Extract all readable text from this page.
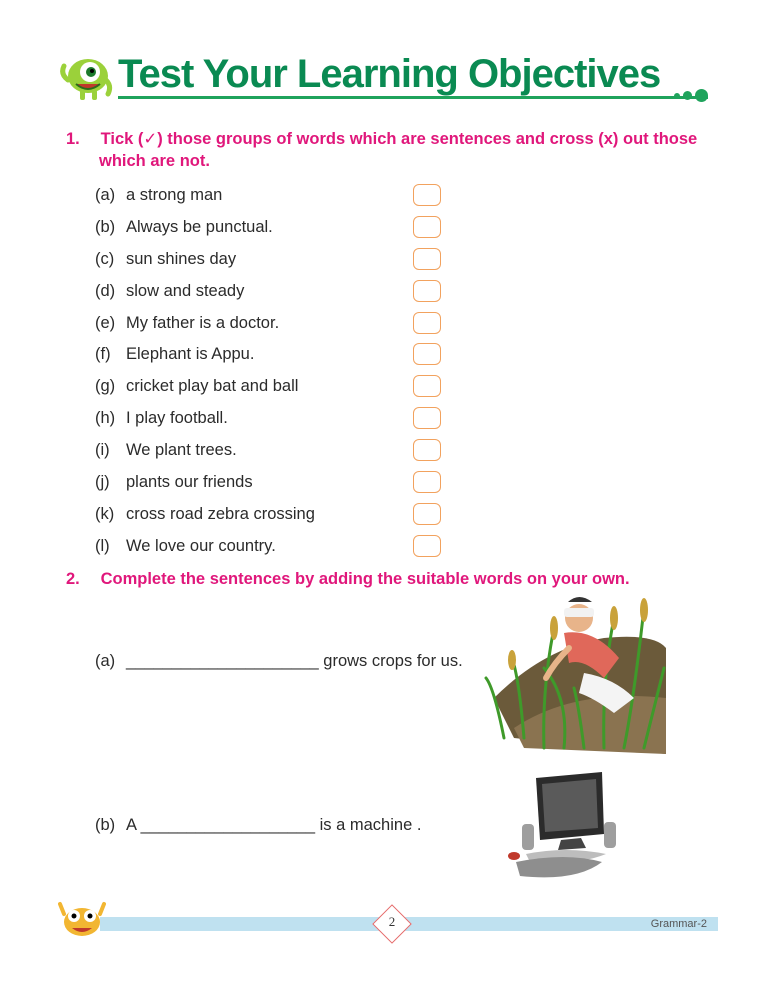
Test Your Learning Objectives
1. Tick (✓) those groups of words which are sentences and cross (x) out those
which are not.
(a) a strong man
(b) Always be punctual.
(c) sun shines day
(d) slow and steady
(e) My father is a doctor.
(f) Elephant is Appu.
(g) cricket play bat and ball
(h) I play football.
(i) We plant trees.
(j) plants our friends
(k) cross road zebra crossing
(l) We love our country.
2. Complete the sentences by adding the suitable words on your own.
(a) _____________________ grows crops for us.
(b) A ___________________ is a machine .
2	Grammar-2
